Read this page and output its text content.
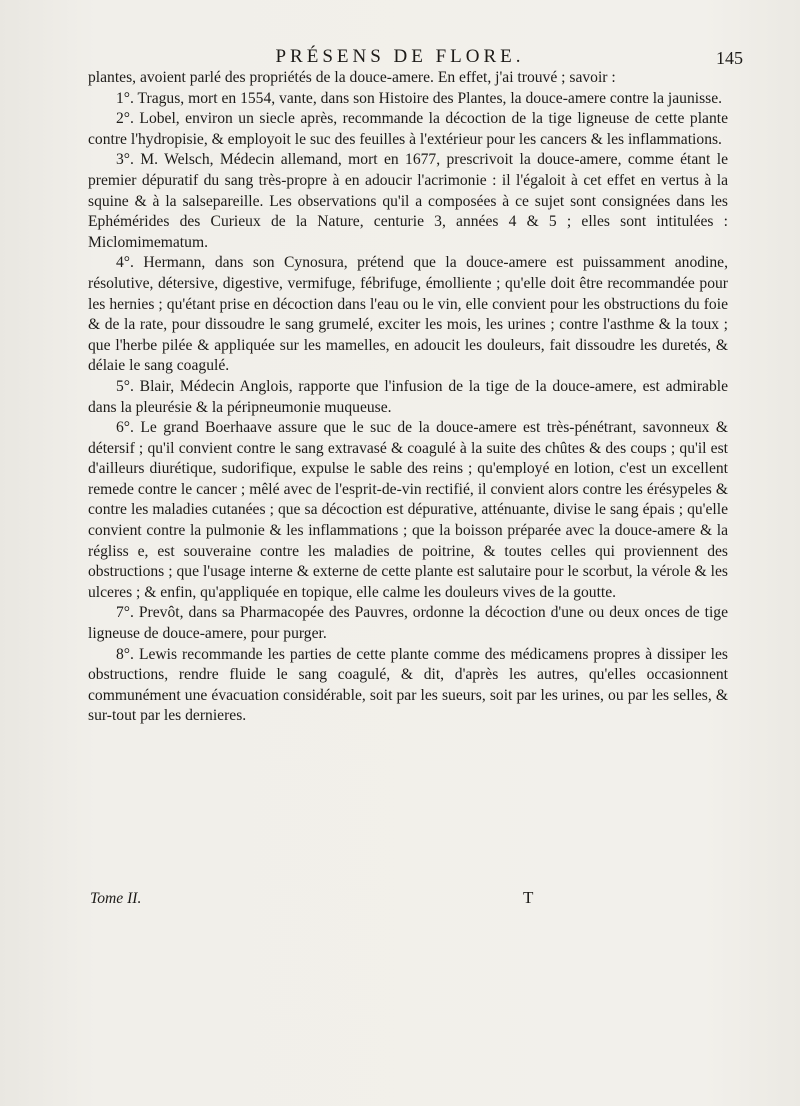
PRÉSENS DE FLORE.	145

plantes, avoient parlé des propriétés de la douce-amere. En effet, j'ai trouvé ; savoir :

1°. Tragus, mort en 1554, vante, dans son Histoire des Plantes, la douce-amere contre la jaunisse.

2°. Lobel, environ un siecle après, recommande la décoction de la tige ligneuse de cette plante contre l'hydropisie, & employoit le suc des feuilles à l'extérieur pour les cancers & les inflammations.

3°. M. Welsch, Médecin allemand, mort en 1677, prescrivoit la douce-amere, comme étant le premier dépuratif du sang très-propre à en adoucir l'acrimonie : il l'égaloit à cet effet en vertus à la squine & à la salsepareille. Les observations qu'il a composées à ce sujet sont consignées dans les Ephémérides des Curieux de la Nature, centurie 3, années 4 & 5 ; elles sont intitulées : Miclomimematum.

4°. Hermann, dans son Cynosura, prétend que la douce-amere est puissamment anodine, résolutive, détersive, digestive, vermifuge, fébrifuge, émolliente ; qu'elle doit être recommandée pour les hernies ; qu'étant prise en décoction dans l'eau ou le vin, elle convient pour les obstructions du foie & de la rate, pour dissoudre le sang grumelé, exciter les mois, les urines ; contre l'asthme & la toux ; que l'herbe pilée & appliquée sur les mamelles, en adoucit les douleurs, fait dissoudre les duretés, & délaie le sang coagulé.

5°. Blair, Médecin Anglois, rapporte que l'infusion de la tige de la douce-amere, est admirable dans la pleurésie & la péripneumonie muqueuse.

6°. Le grand Boerhaave assure que le suc de la douce-amere est très-pénétrant, savonneux & détersif ; qu'il convient contre le sang extravasé & coagulé à la suite des chûtes & des coups ; qu'il est d'ailleurs diurétique, sudorifique, expulse le sable des reins ; qu'employé en lotion, c'est un excellent remede contre le cancer ; mêlé avec de l'esprit-de-vin rectifié, il convient alors contre les érésypeles & contre les maladies cutanées ; que sa décoction est dépurative, atténuante, divise le sang épais ; qu'elle convient contre la pulmonie & les inflammations ; que la boisson préparée avec la douce-amere & la régliss e, est souveraine contre les maladies de poitrine, & toutes celles qui proviennent des obstructions ; que l'usage interne & externe de cette plante est salutaire pour le scorbut, la vérole & les ulceres ; & enfin, qu'appliquée en topique, elle calme les douleurs vives de la goutte.

7°. Prevôt, dans sa Pharmacopée des Pauvres, ordonne la décoction d'une ou deux onces de tige ligneuse de douce-amere, pour purger.

8°. Lewis recommande les parties de cette plante comme des médicamens propres à dissiper les obstructions, rendre fluide le sang coagulé, & dit, d'après les autres, qu'elles occasionnent communément une évacuation considérable, soit par les sueurs, soit par les urines, ou par les selles, & sur-tout par les dernieres.

Tome II.	T
